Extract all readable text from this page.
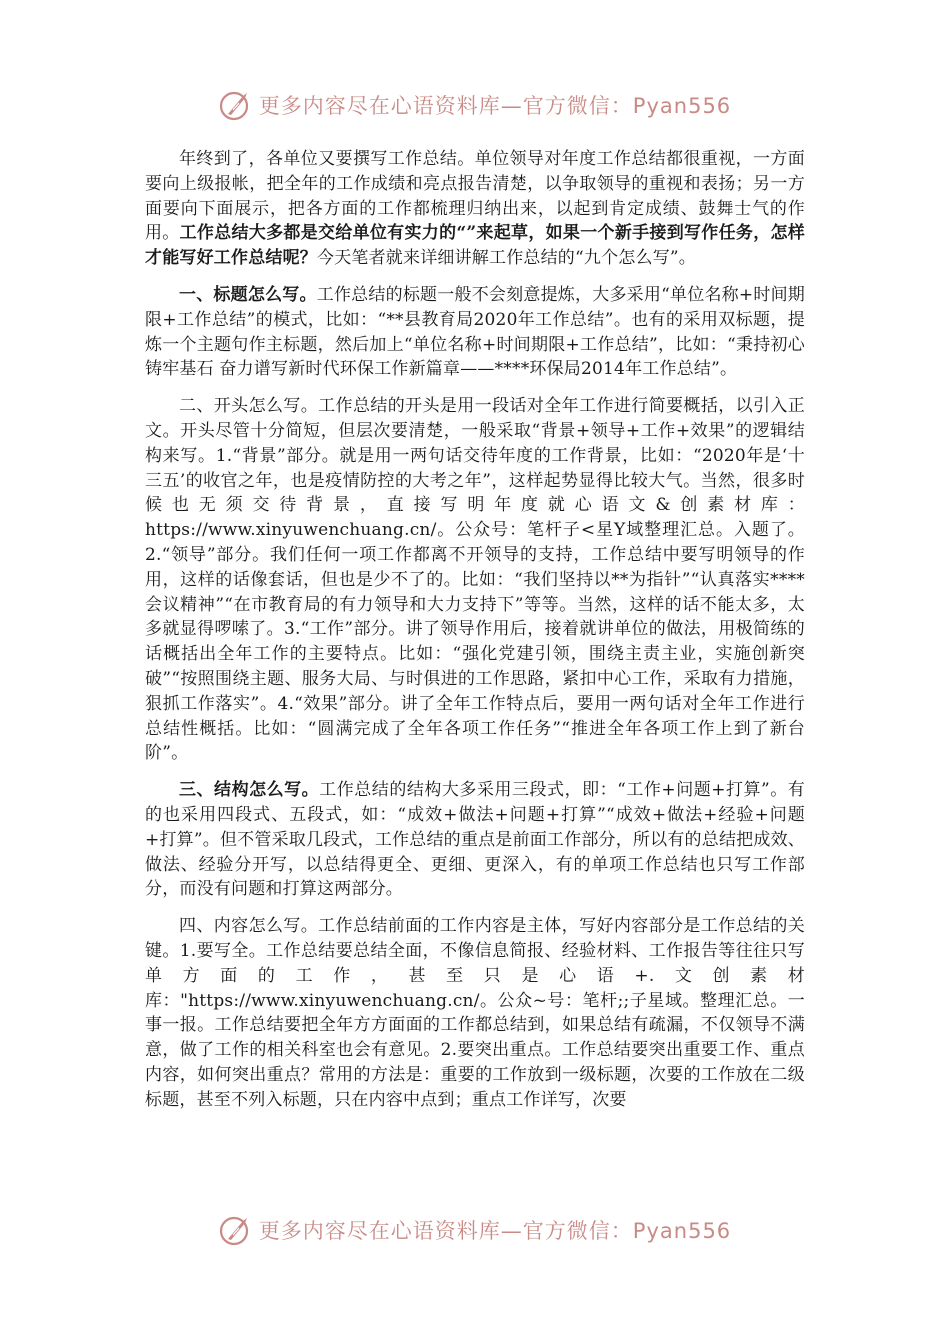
更多内容尽在心语资料库—官方微信：Pyan556

年终到了，各单位又要撰写工作总结。单位领导对年度工作总结都很重视，一方面要向上级报帐，把全年的工作成绩和亮点报告清楚，以争取领导的重视和表扬；另一方面要向下面展示，把各方面的工作都梳理归纳出来，以起到肯定成绩、鼓舞士气的作用。工作总结大多都是交给单位有实力的“”来起草，如果一个新手接到写作任务，怎样才能写好工作总结呢？今天笔者就来详细讲解工作总结的“九个怎么写”。

一、标题怎么写。工作总结的标题一般不会刻意提炼，大多采用“单位名称+时间期限+工作总结”的模式，比如：“**县教育局2020年工作总结”。也有的采用双标题，提炼一个主题句作主标题，然后加上“单位名称+时间期限+工作总结”，比如：“秉持初心 铸牢基石 奋力谱写新时代环保工作新篇章——****环保局2014年工作总结”。

二、开头怎么写。工作总结的开头是用一段话对全年工作进行简要概括，以引入正文。开头尽管十分简短，但层次要清楚，一般采取“背景+领导+工作+效果”的逻辑结构来写。1.“背景”部分。就是用一两句话交待年度的工作背景，比如：“2020年是‘十三五’的收官之年，也是疫情防控的大考之年”，这样起势显得比较大气。当然，很多时候也无须交待背景，直接写明年度就心语文&创素材库：https://www.xinyuwenchuang.cn/。公众号：笔杆子<星Y域整理汇总。入题了。2.“领导”部分。我们任何一项工作都离不开领导的支持，工作总结中要写明领导的作用，这样的话像套话，但也是少不了的。比如：“我们坚持以**为指针”“认真落实****会议精神”“在市教育局的有力领导和大力支持下”等等。当然，这样的话不能太多，太多就显得啰嗦了。3.“工作”部分。讲了领导作用后，接着就讲单位的做法，用极简练的话概括出全年工作的主要特点。比如：“强化党建引领，围绕主责主业，实施创新突破”“按照围绕主题、服务大局、与时俱进的工作思路，紧扣中心工作，采取有力措施，狠抓工作落实”。4.“效果”部分。讲了全年工作特点后，要用一两句话对全年工作进行总结性概括。比如：“圆满完成了全年各项工作任务”“推进全年各项工作上到了新台阶”。

三、结构怎么写。工作总结的结构大多采用三段式，即：“工作+问题+打算”。有的也采用四段式、五段式，如：“成效+做法+问题+打算”“成效+做法+经验+问题+打算”。但不管采取几段式，工作总结的重点是前面工作部分，所以有的总结把成效、做法、经验分开写，以总结得更全、更细、更深入，有的单项工作总结也只写工作部分，而没有问题和打算这两部分。

四、内容怎么写。工作总结前面的工作内容是主体，写好内容部分是工作总结的关键。1.要写全。工作总结要总结全面，不像信息简报、经验材料、工作报告等往往只写单方面的工作，甚至只是心语+.文创素材库："https://www.xinyuwenchuang.cn/。公众~号：笔杆;;子星域。整理汇总。一事一报。工作总结要把全年方方面面的工作都总结到，如果总结有疏漏，不仅领导不满意，做了工作的相关科室也会有意见。2.要突出重点。工作总结要突出重要工作、重点内容，如何突出重点？常用的方法是：重要的工作放到一级标题，次要的工作放在二级标题，甚至不列入标题，只在内容中点到；重点工作详写，次要

更多内容尽在心语资料库—官方微信：Pyan556
